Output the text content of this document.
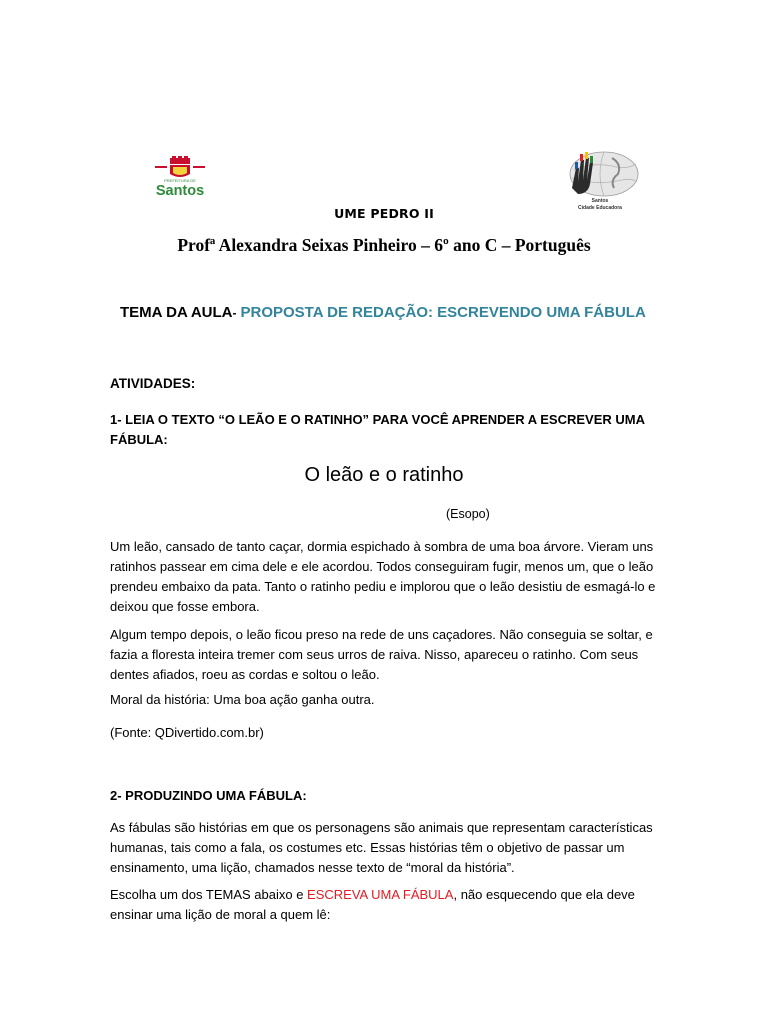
PREFEITURA DE
Santos
Santos
Cidade Educadora
UME PEDRO II
Profª Alexandra Seixas Pinheiro – 6º ano C – Português
TEMA DA AULA- PROPOSTA DE REDAÇÃO: ESCREVENDO UMA FÁBULA
ATIVIDADES:
1- LEIA O TEXTO “O LEÃO E O RATINHO” PARA VOCÊ APRENDER A ESCREVER UMA FÁBULA:
O leão e o ratinho
(Esopo)
Um leão, cansado de tanto caçar, dormia espichado à sombra de uma boa árvore. Vieram uns ratinhos passear em cima dele e ele acordou. Todos conseguiram fugir, menos um, que o leão prendeu embaixo da pata. Tanto o ratinho pediu e implorou que o leão desistiu de esmagá-lo e deixou que fosse embora.
Algum tempo depois, o leão ficou preso na rede de uns caçadores. Não conseguia se soltar, e fazia a floresta inteira tremer com seus urros de raiva. Nisso, apareceu o ratinho. Com seus dentes afiados, roeu as cordas e soltou o leão.
Moral da história: Uma boa ação ganha outra.
(Fonte: QDivertido.com.br)
2- PRODUZINDO UMA FÁBULA:
As fábulas são histórias em que os personagens são animais que representam características humanas, tais como a fala, os costumes etc. Essas histórias têm o objetivo de passar um ensinamento, uma lição, chamados nesse texto de “moral da história”.
Escolha um dos TEMAS abaixo e ESCREVA UMA FÁBULA, não esquecendo que ela deve ensinar uma lição de moral a quem lê:
